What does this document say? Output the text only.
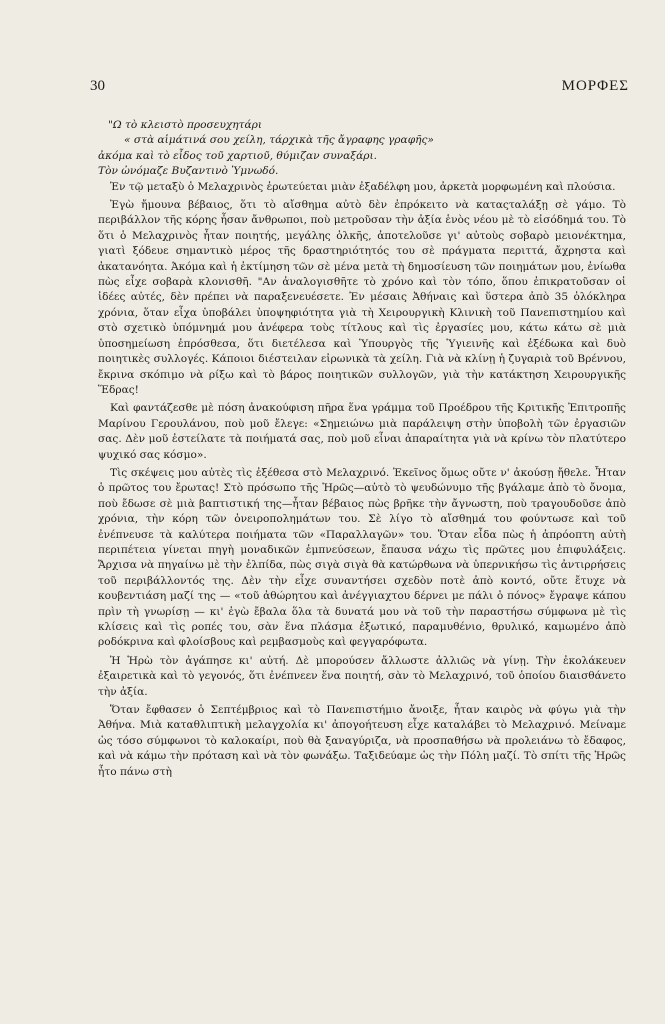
30	ΜΟΡΦΕΣ

"Ω τὸ κλειστὸ προσευχητάρι
« στὰ αἱμάτινά σου χείλη, τάρχικὰ τῆς ἄγραφης γραφῆς»
ἀκόμα καὶ τὸ εἶδος τοῦ χαρτιοῦ, θύμιζαν συναξάρι.
Τὸν ὠνόμαζε Βυζαντινὸ Ὑμνωδό.

Ἐν τῷ μεταξὺ ὁ Μελαχρινὸς ἐρωτεύεται μιὰν ἐξαδέλφη μου, ἀρκετὰ μορφωμένη καὶ πλούσια.

Ἐγὼ ἤμουνα βέβαιος, ὅτι τὸ αἴσθημα αὐτὸ δὲν ἐπρόκειτο νὰ καταςταλάξῃ σὲ γάμο. Τὸ περιβάλλον τῆς κόρης ἦσαν ἄνθρωποι, ποὺ μετροῦσαν τὴν ἀξία ἑνὸς νέου μὲ τὸ εἰσόδημά του. Τὸ ὅτι ὁ Μελαχρινὸς ἦταν ποιητής, μεγάλης ὁλκῆς, ἀποτελοῦσε γι' αὐτοὺς σοβαρὸ μειονέκτημα, γιατὶ ξόδευε σημαντικὸ μέρος τῆς δραστηριότητός του σὲ πράγματα περιττά, ἄχρηστα καὶ ἀκατανόητα. Ἀκόμα καὶ ἡ ἐκτίμηση τῶν σὲ μένα μετὰ τὴ δημοσίευση τῶν ποιημάτων μου, ἐνίωθα πὼς εἶχε σοβαρὰ κλονισθῆ. "Αν ἀναλογισθῆτε τὸ χρόνο καὶ τὸν τόπο, ὅπου ἐπικρατοῦσαν οἱ ἰδέες αὐτές, δὲν πρέπει νὰ παραξενευέσετε. Ἐν μέσαις Ἀθήναις καὶ ὕστερα ἀπὸ 35 ὁλόκληρα χρόνια, ὅταν εἶχα ὑποβάλει ὑποψηφιότητα γιὰ τὴ Χειρουργικὴ Κλινικὴ τοῦ Πανεπιστημίου καὶ στὸ σχετικὸ ὑπόμνημά μου ἀνέφερα τοὺς τίτλους καὶ τὶς ἐργασίες μου, κάτω κάτω σὲ μιὰ ὑποσημείωση ἐπρόσθεσα, ὅτι διετέλεσα καὶ Ὑπουργὸς τῆς Ὑγιεινῆς καὶ ἐξέδωκα καὶ δυὸ ποιητικὲς συλλογές. Κάποιοι διέστειλαν εἰρωνικὰ τὰ χείλη. Γιὰ νὰ κλίνῃ ἡ ζυγαριὰ τοῦ Βρέννου, ἔκρινα σκόπιμο νὰ ρίξω καὶ τὸ βάρος ποιητικῶν συλλογῶν, γιὰ τὴν κατάκτηση Χειρουργικῆς Ἕδρας!

Καὶ φαντάζεσθε μὲ πόση ἀνακούφιση πῆρα ἕνα γράμμα τοῦ Προέδρου τῆς Κριτικῆς Ἐπιτροπῆς Μαρίνου Γερουλάνου, ποὺ μοῦ ἔλεγε: «Σημειώνω μιὰ παράλειψη στὴν ὑποβολὴ τῶν ἐργασιῶν σας. Δὲν μοῦ ἐστείλατε τὰ ποιήματά σας, ποὺ μοῦ εἶναι ἀπαραίτητα γιὰ νὰ κρίνω τὸν πλατύτερο ψυχικό σας κόσμο».

Τὶς σκέψεις μου αὐτὲς τὶς ἐξέθεσα στὸ Μελαχρινό. Ἐκεῖνος ὅμως οὔτε ν' ἀκούσῃ ἤθελε. Ἦταν ὁ πρῶτος του ἔρωτας! Στὸ πρόσωπο τῆς Ἡρῶς—αὐτὸ τὸ ψευδώνυμο τῆς βγάλαμε ἀπὸ τὸ ὄνομα, ποὺ ἔδωσε σὲ μιὰ βαπτιστική της—ἦταν βέβαιος πὼς βρῆκε τὴν ἄγνωστη, ποὺ τραγουδοῦσε ἀπὸ χρόνια, τὴν κόρη τῶν ὀνειροπολημάτων του. Σὲ λίγο τὸ αἴσθημά του φούντωσε καὶ τοῦ ἐνέπνευσε τὰ καλύτερα ποιήματα τῶν «Παραλλαγῶν» του. Ὅταν εἶδα πὼς ἡ ἀπρόοπτη αὐτὴ περιπέτεια γίνεται πηγὴ μοναδικῶν ἐμπνεύσεων, ἔπαυσα νάχω τὶς πρῶτες μου ἐπιφυλάξεις. Ἄρχισα νὰ πηγαίνω μὲ τὴν ἐλπίδα, πὼς σιγὰ σιγὰ θὰ κατώρθωνα νὰ ὑπερνικήσω τὶς ἀντιρρήσεις τοῦ περιβάλλοντός της. Δὲν τὴν εἶχε συναντήσει σχεδὸν ποτὲ ἀπὸ κοντό, οὔτε ἔτυχε νὰ κουβεντιάση μαζί της — «τοῦ ἀθώρητου καὶ ἀνέγγιαχτου δέρνει με πάλι ὁ πόνος» ἔγραψε κάπου πρὶν τὴ γνωρίσῃ — κι' ἐγὼ ἔβαλα ὅλα τὰ δυνατά μου νὰ τοῦ τὴν παραστήσω σύμφωνα μὲ τὶς κλίσεις καὶ τὶς ροπές του, σὰν ἕνα πλάσμα ἐξωτικό, παραμυθένιο, θρυλικό, καμωμένο ἀπὸ ροδόκρινα καὶ φλοίσβους καὶ ρεμβασμοὺς καὶ φεγγαρόφωτα.

Ἡ Ἡρὼ τὸν ἀγάπησε κι' αὐτή. Δὲ μπορούσεν ἄλλωστε ἀλλιῶς νὰ γίνῃ. Τὴν ἐκολάκευεν ἐξαιρετικὰ καὶ τὸ γεγονός, ὅτι ἐνέπνεεν ἕνα ποιητή, σὰν τὸ Μελαχρινό, τοῦ ὁποίου διαισθάνετο τὴν ἀξία.

Ὅταν ἔφθασεν ὁ Σεπτέμβριος καὶ τὸ Πανεπιστήμιο ἄνοιξε, ἦταν καιρὸς νὰ φύγω γιὰ τὴν Ἀθήνα. Μιὰ καταθλιπτικὴ μελαγχολία κι' ἀπογοήτευση εἶχε καταλάβει τὸ Μελαχρινό. Μείναμε ὡς τόσο σύμφωνοι τὸ καλοκαίρι, ποὺ θὰ ξαναγύριζα, νὰ προσπαθήσω νὰ προλειάνω τὸ ἔδαφος, καὶ νὰ κάμω τὴν πρόταση καὶ νὰ τὸν φωνάξω. Ταξιδεύαμε ὡς τὴν Πόλη μαζί. Τὸ σπίτι τῆς Ἡρῶς ἦτο πάνω στὴ
